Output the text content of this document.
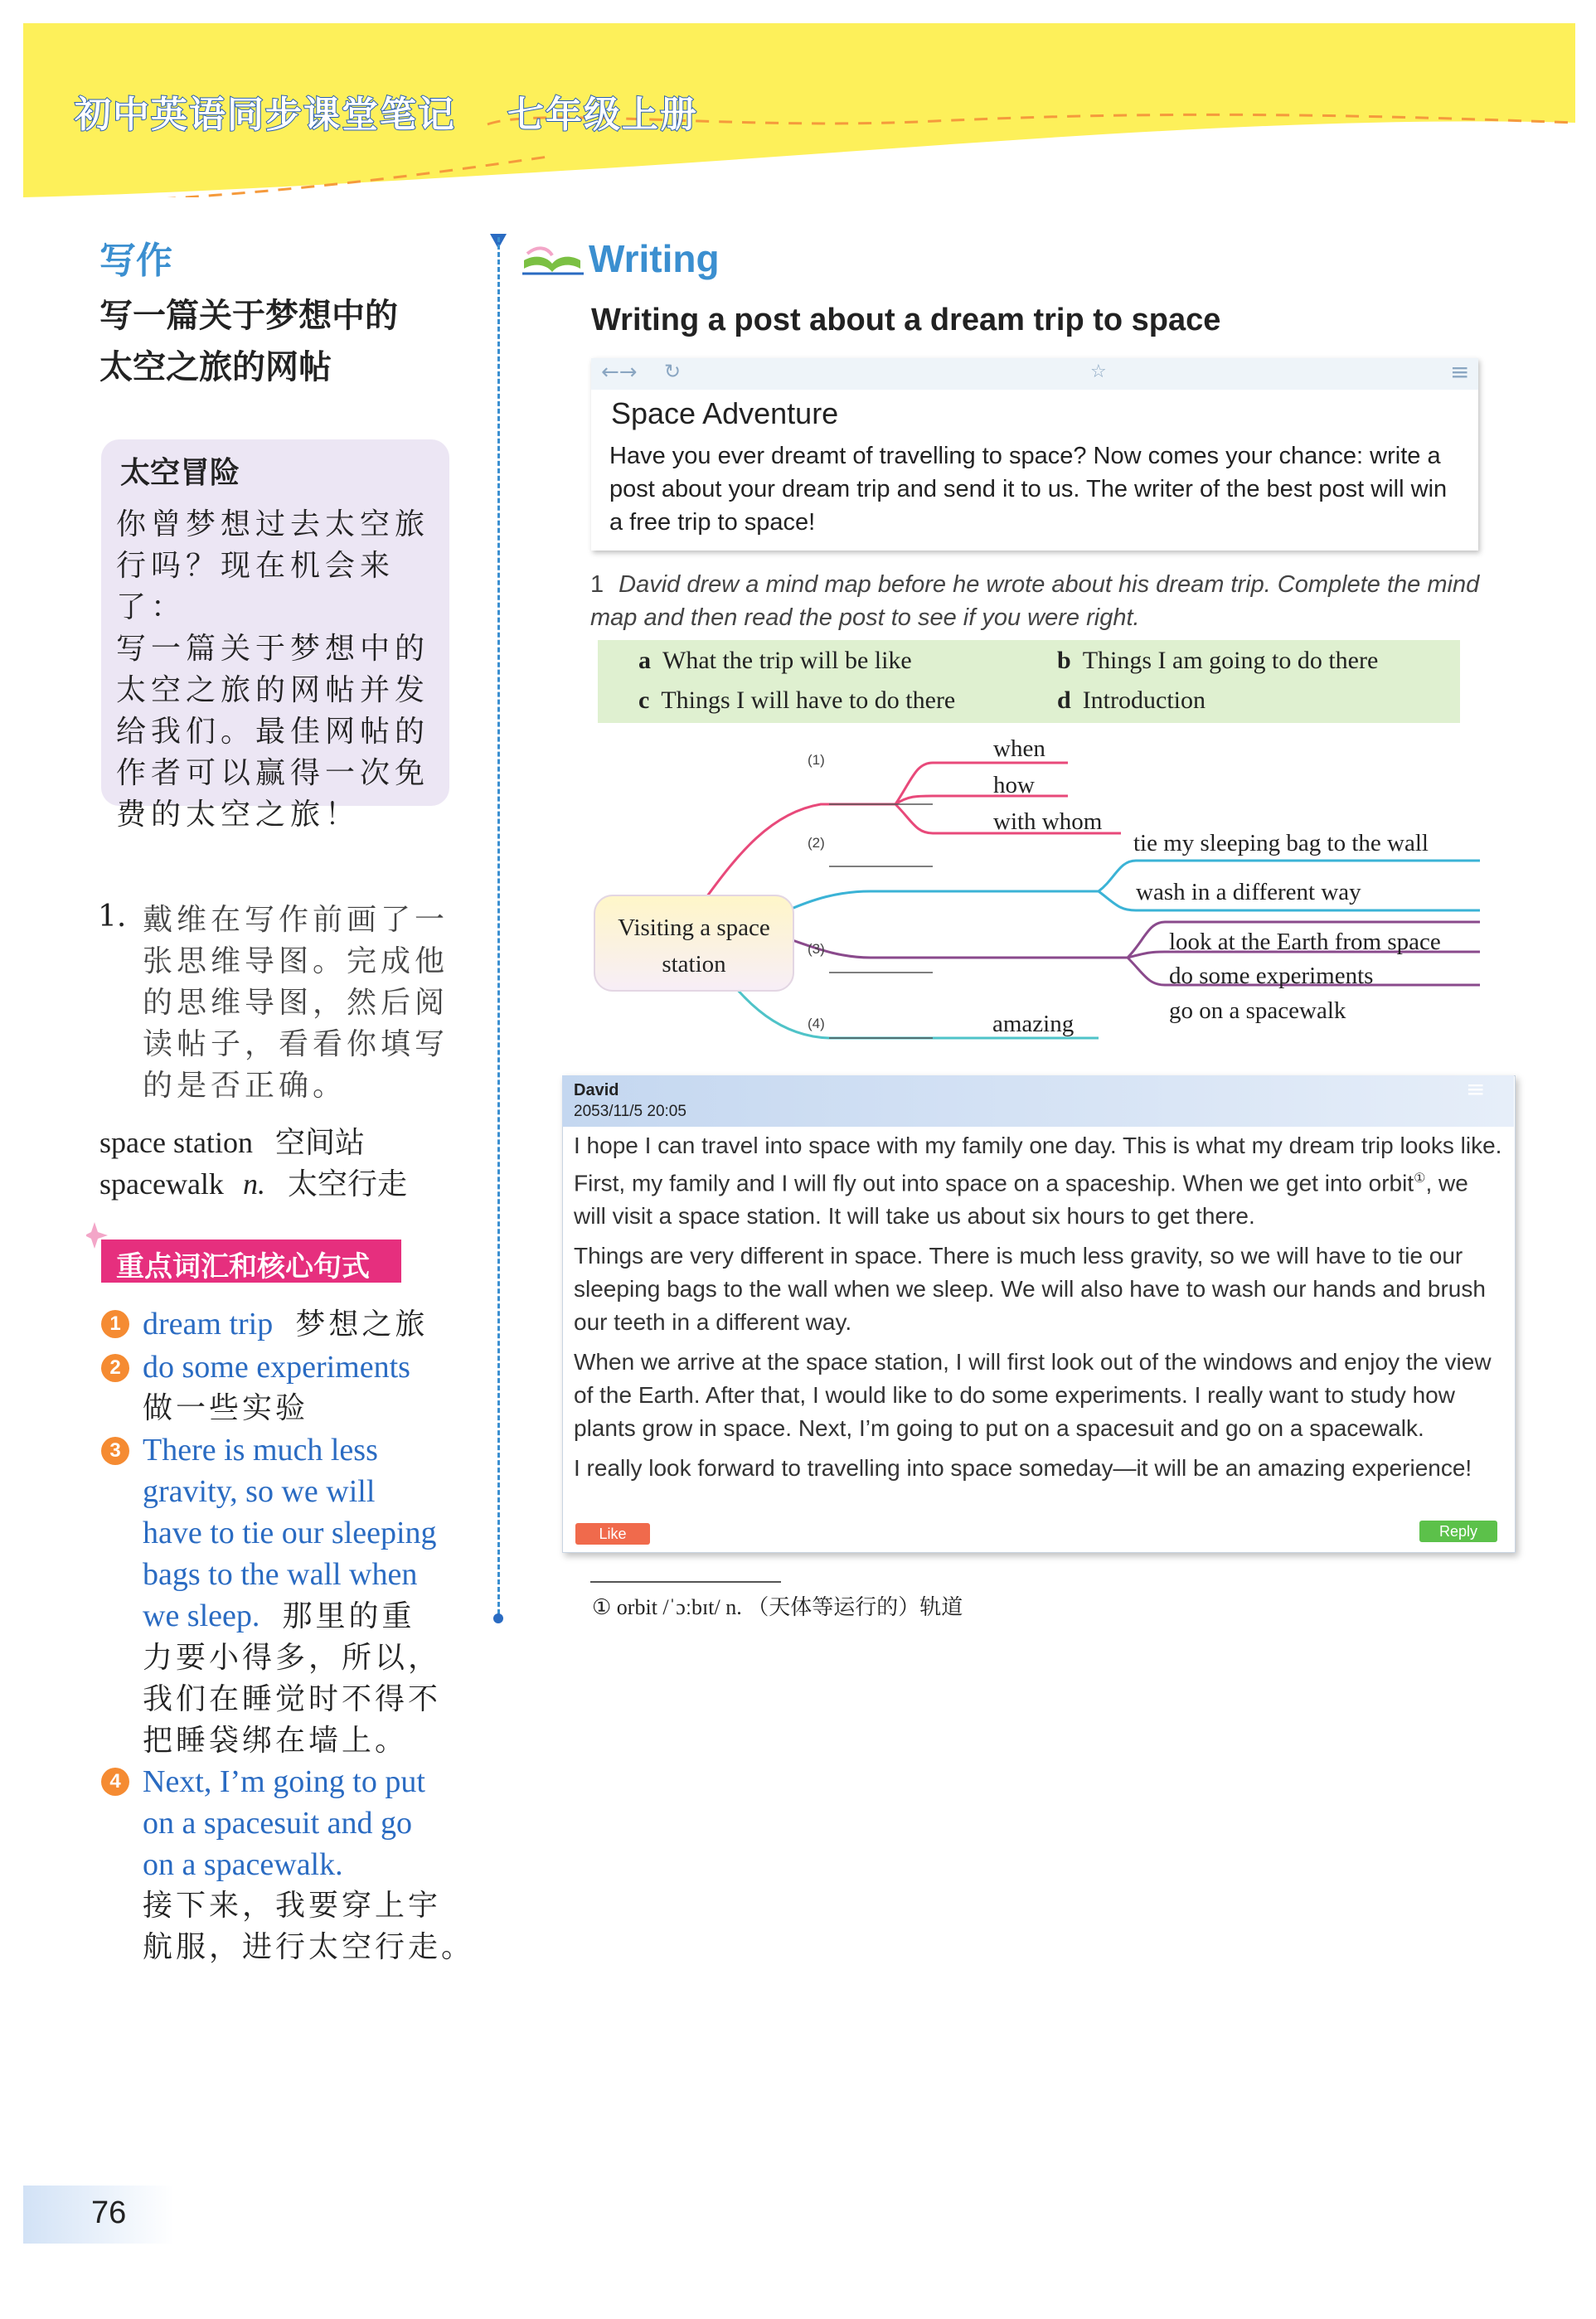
初中英语同步课堂笔记 七年级上册
写作
写一篇关于梦想中的
太空之旅的网帖
太空冒险
你曾梦想过去太空旅
行吗？现在机会来了：
写一篇关于梦想中的
太空之旅的网帖并发
给我们。最佳网帖的
作者可以赢得一次免
费的太空之旅！
1. 戴维在写作前画了一
张思维导图。完成他
的思维导图，然后阅
读帖子，看看你填写
的是否正确。
space station 空间站
spacewalk n. 太空行走
重点词汇和核心句式
1 dream trip 梦想之旅
2 do some experiments
做一些实验
3 There is much less
gravity, so we will
have to tie our sleeping
bags to the wall when
we sleep. 那里的重
力要小得多，所以，
我们在睡觉时不得不
把睡袋绑在墙上。
4 Next, I’m going to put
on a spacesuit and go
on a spacewalk.
接下来，我要穿上宇
航服，进行太空行走。
Writing
Writing a post about a dream trip to space
←→ ↻	☆	≡
Space Adventure
Have you ever dreamt of travelling to space? Now comes your chance: write a post about your dream trip and send it to us. The writer of the best post will win a free trip to space!
1 David drew a mind map before he wrote about his dream trip. Complete the mind map and then read the post to see if you were right.
a What the trip will be like	b Things I am going to do there
c Things I will have to do there	d Introduction
Visiting a space
station
(1)
(2)
(3)
(4)
when
how
with whom
tie my sleeping bag to the wall
wash in a different way
look at the Earth from space
do some experiments
go on a spacewalk
amazing
≡
David
2053/11/5 20:05

I hope I can travel into space with my family one day. This is what my dream trip looks like. First, my family and I will fly out into space on a spaceship. When we get into orbit①, we will visit a space station. It will take us about six hours to get there.

Things are very different in space. There is much less gravity, so we will have to tie our sleeping bags to the wall when we sleep. We will also have to wash our hands and brush our teeth in a different way.

When we arrive at the space station, I will first look out of the windows and enjoy the view of the Earth. After that, I would like to do some experiments. I really want to study how plants grow in space. Next, I’m going to put on a spacesuit and go on a spacewalk.

I really look forward to travelling into space someday—it will be an amazing experience!

Like	Reply
① orbit /ˈɔːbɪt/ n. （天体等运行的）轨道
76
